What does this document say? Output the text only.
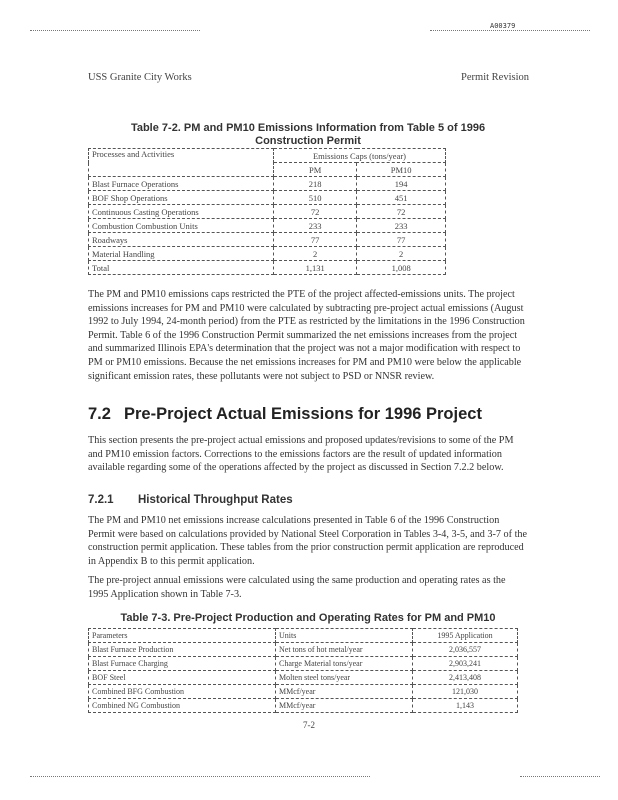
A00379
USS Granite City Works	Permit Revision
Table 7-2. PM and PM10 Emissions Information from Table 5 of 1996
Construction Permit
Processes and Activities	Emissions Caps (tons/year)	
	PM	PM10
Blast Furnace Operations	218	194
BOF Shop Operations	510	451
Continuous Casting Operations	72	72
Combustion Combustion Units	233	233
Roadways	77	77
Material Handling	2	2
Total	1,131	1,008

The PM and PM10 emissions caps restricted the PTE of the project affected-emissions units. The project emissions increases for PM and PM10 were calculated by subtracting pre-project actual emissions (August 1992 to July 1994, 24-month period) from the PTE as restricted by the limitations in the 1996 Construction Permit. Table 6 of the 1996 Construction Permit summarized the net emissions increases from the project and summarized Illinois EPA's determination that the project was not a major modification with respect to PM or PM10 emissions. Because the net emissions increases for PM and PM10 were below the applicable significant emission rates, these pollutants were not subject to PSD or NNSR review.

7.2 Pre-Project Actual Emissions for 1996 Project

This section presents the pre-project actual emissions and proposed updates/revisions to some of the PM and PM10 emission factors. Corrections to the emissions factors are the result of updated information available regarding some of the operations affected by the project as discussed in Section 7.2.2 below.

7.2.1 Historical Throughput Rates

The PM and PM10 net emissions increase calculations presented in Table 6 of the 1996 Construction Permit were based on calculations provided by National Steel Corporation in Tables 3-4, 3-5, and 3-7 of the construction permit application. These tables from the prior construction permit application are reproduced in Appendix B to this permit application.

The pre-project annual emissions were calculated using the same production and operating rates as the 1995 Application shown in Table 7-3.

Table 7-3. Pre-Project Production and Operating Rates for PM and PM10
Parameters	Units	1995 Application
Blast Furnace Production	Net tons of hot metal/year	2,036,557
Blast Furnace Charging	Charge Material tons/year	2,903,241
BOF Steel	Molten steel tons/year	2,413,408
Combined BFG Combustion	MMcf/year	121,030
Combined NG Combustion	MMcf/year	1,143
7-2
